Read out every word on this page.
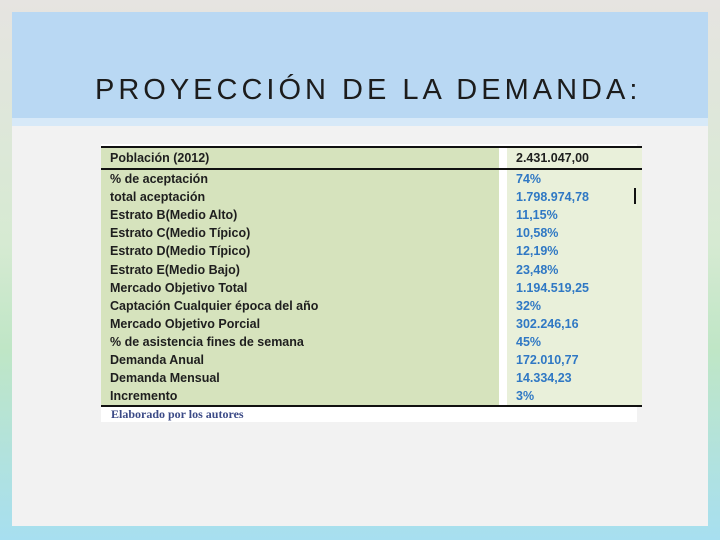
PROYECCIÓN DE LA DEMANDA:
Población (2012)		2.431.047,00
% de aceptación		74%
total aceptación		1.798.974,78
Estrato B(Medio Alto)		11,15%
Estrato C(Medio Típico)		10,58%
Estrato D(Medio Típico)		12,19%
Estrato E(Medio Bajo)		23,48%
Mercado Objetivo Total		1.194.519,25
Captación Cualquier época del año		32%
Mercado Objetivo Porcial		302.246,16
% de asistencia fines de semana		45%
Demanda Anual		172.010,77
Demanda Mensual		14.334,23
Incremento		3%

Elaborado por los autores
